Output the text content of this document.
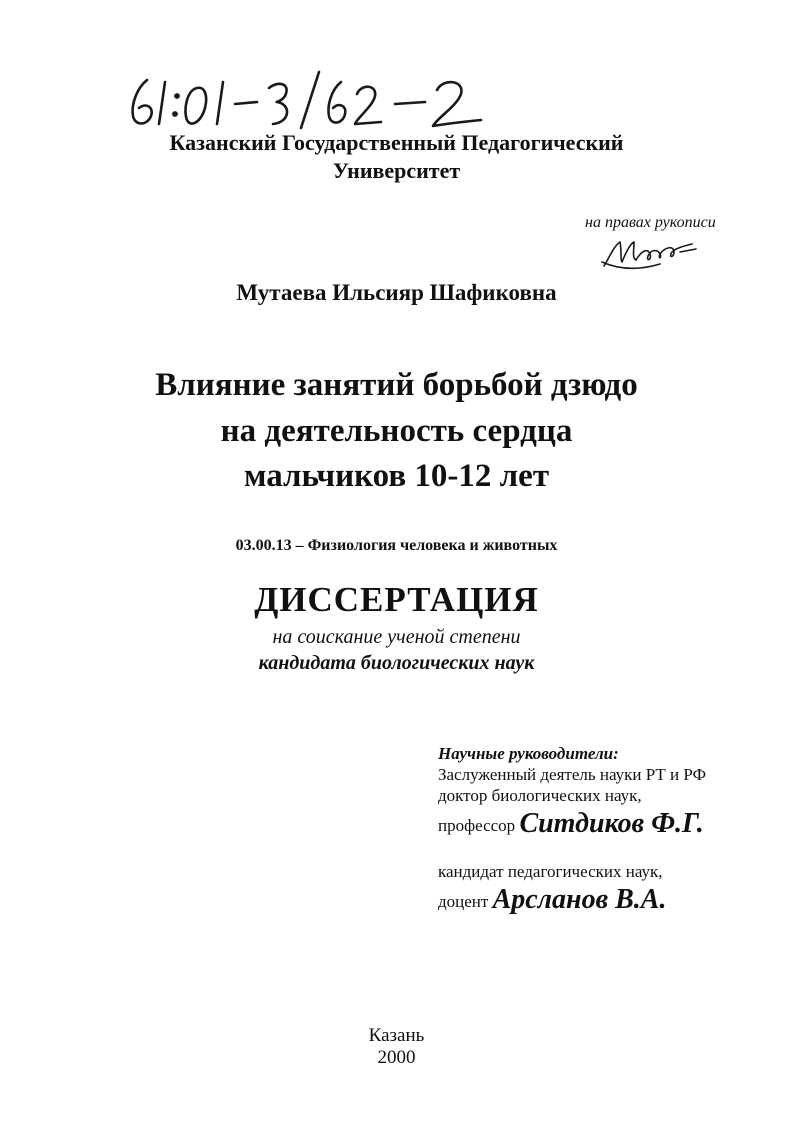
Казанский Государственный Педагогический
Университет
на правах рукописи
Мутаева Ильсияр Шафиковна
Влияние занятий борьбой дзюдо
на деятельность сердца
мальчиков 10-12 лет
03.00.13 – Физиология человека и животных
ДИССЕРТАЦИЯ
на соискание ученой степени
кандидата биологических наук
Научные руководители:
Заслуженный деятель науки РТ и РФ
доктор биологических наук,
профессор Ситдиков Ф.Г.
кандидат педагогических наук,
доцент Арсланов В.А.
Казань
2000
